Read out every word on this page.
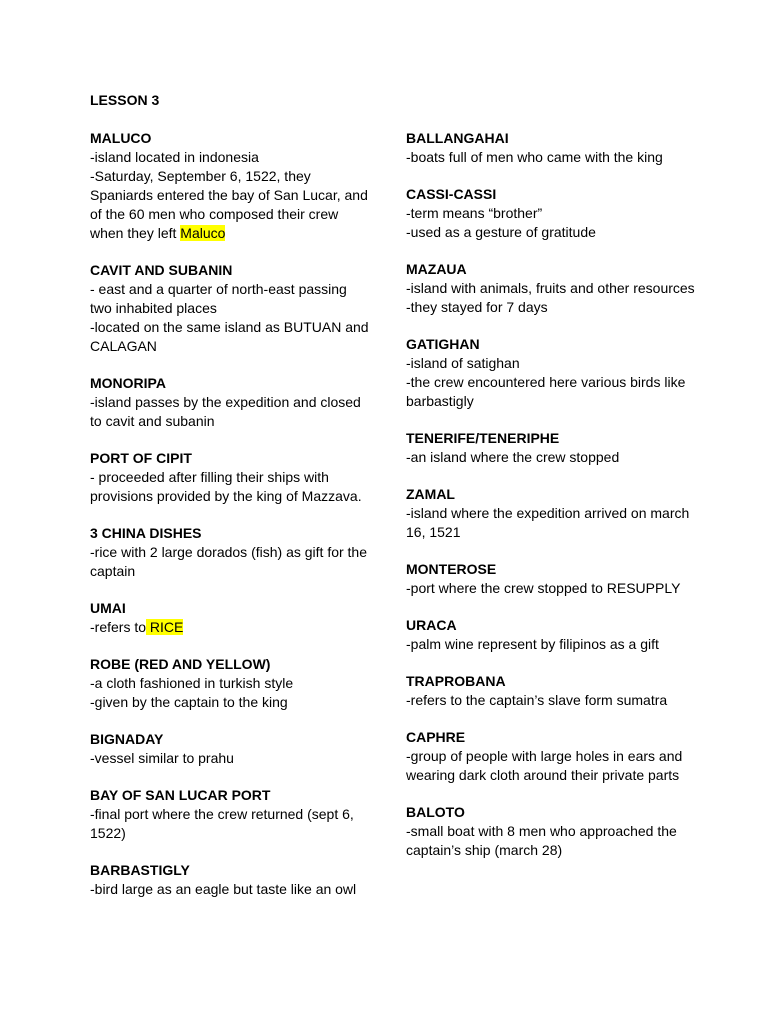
LESSON 3

MALUCO

-island located in indonesia

-Saturday, September 6, 1522, they Spaniards entered the bay of San Lucar, and of the 60 men who composed their crew when they left Maluco

CAVIT AND SUBANIN

- east and a quarter of north-east passing two inhabited places

-located on the same island as BUTUAN and CALAGAN

MONORIPA

-island passes by the expedition and closed to cavit and subanin

PORT OF CIPIT

- proceeded after filling their ships with provisions provided by the king of Mazzava.

3 CHINA DISHES

-rice with 2 large dorados (fish) as gift for the captain

UMAI

-refers to RICE

ROBE (RED AND YELLOW)

-a cloth fashioned in turkish style

-given by the captain to the king

BIGNADAY

-vessel similar to prahu

BAY OF SAN LUCAR PORT

-final port where the crew returned (sept 6, 1522)

BARBASTIGLY

-bird large as an eagle but taste like an owl

BALLANGAHAI

-boats full of men who came with the king

CASSI-CASSI

-term means “brother”

-used as a gesture of gratitude

MAZAUA

-island with animals, fruits and other resources

-they stayed for 7 days

GATIGHAN

-island of satighan

-the crew encountered here various birds like barbastigly

TENERIFE/TENERIPHE

-an island where the crew stopped

ZAMAL

-island where the expedition arrived on march 16, 1521

MONTEROSE

-port where the crew stopped to RESUPPLY

URACA

-palm wine represent by filipinos as a gift

TRAPROBANA

-refers to the captain’s slave form sumatra

CAPHRE

-group of people with large holes in ears and wearing dark cloth around their private parts

BALOTO

-small boat with 8 men who approached the captain’s ship (march 28)
